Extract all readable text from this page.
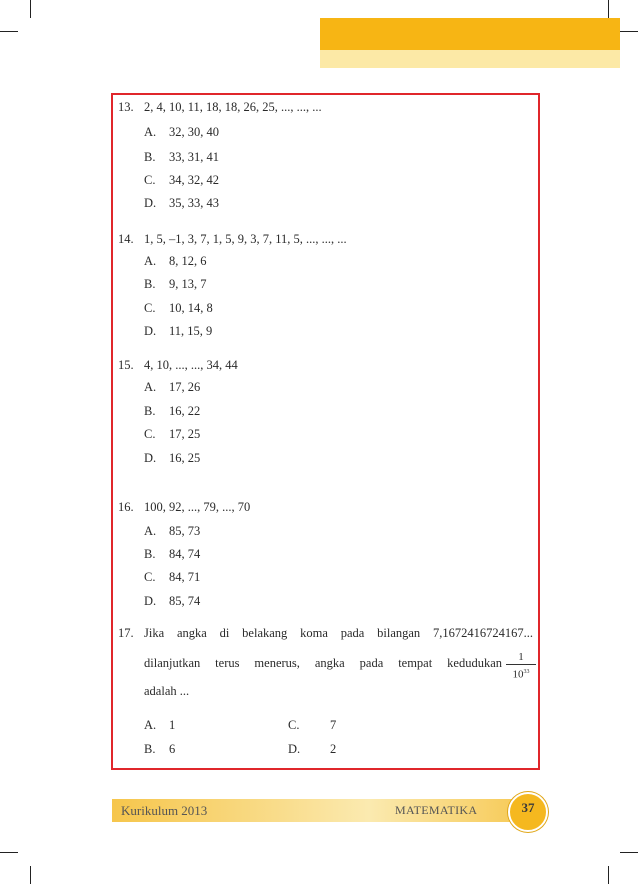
13. 2, 4, 10, 11, 18, 18, 26, 25, ..., ..., ...
A. 32, 30, 40
B. 33, 31, 41
C. 34, 32, 42
D. 35, 33, 43
14. 1, 5, –1, 3, 7, 1, 5, 9, 3, 7, 11, 5, ..., ..., ...
A. 8, 12, 6
B. 9, 13, 7
C. 10, 14, 8
D. 11, 15, 9
15. 4, 10, ..., ..., 34, 44
A. 17, 26
B. 16, 22
C. 17, 25
D. 16, 25
16. 100, 92, ..., 79, ..., 70
A. 85, 73
B. 84, 74
C. 84, 71
D. 85, 74
17. Jika angka di belakang koma pada bilangan 7,1672416724167...
dilanjutkan terus menerus, angka pada tempat kedudukan	1
$10^{33}$
adalah ...
A. 1
B. 6
C. 7
D. 2
Kurikulum 2013	MATEMATIKA	37
